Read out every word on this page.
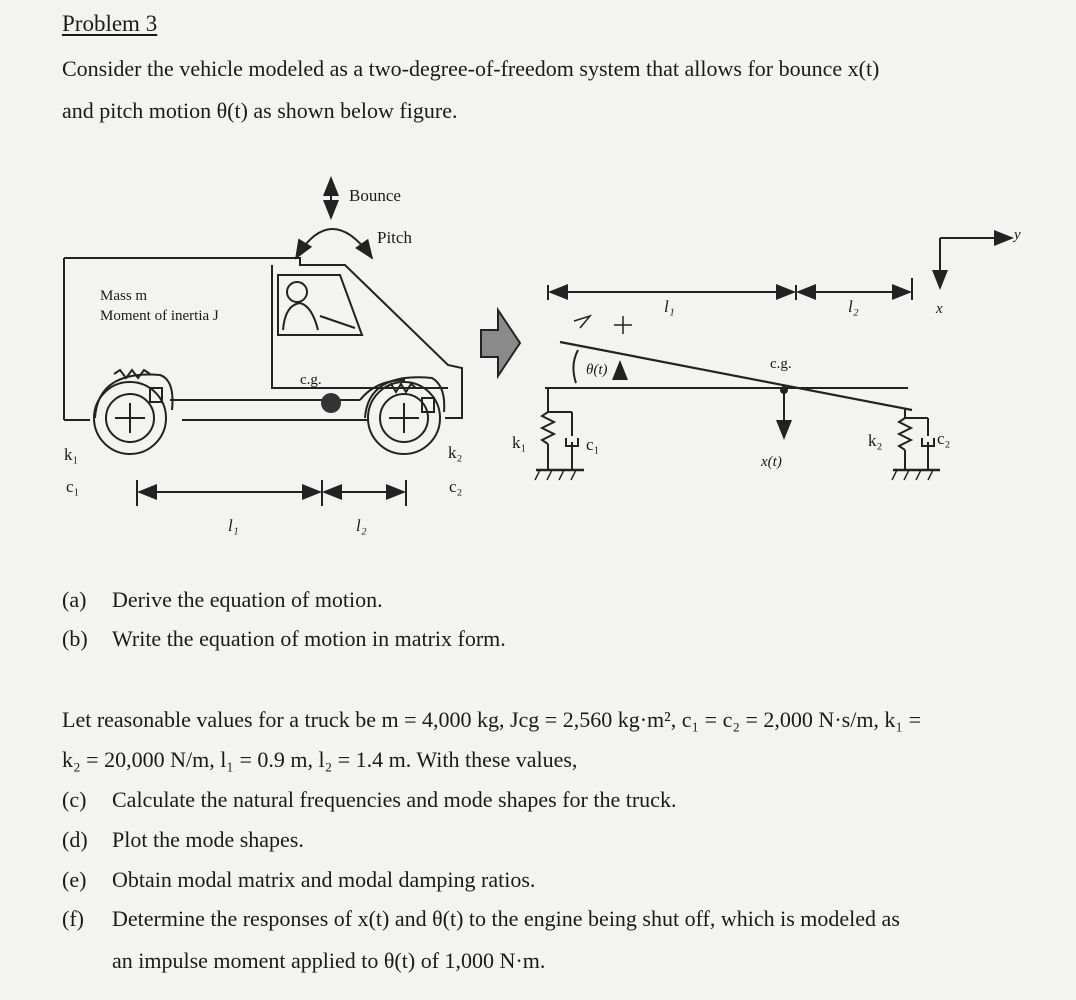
Problem 3
Consider the vehicle modeled as a two-degree-of-freedom system that allows for bounce x(t)
and pitch motion θ(t) as shown below figure.
Bounce
Pitch
Mass m
Moment of inertia J
c.g.
k₁
c₁
k₂
c₂
l₁	l₂
l₁	l₂	x
y
θ(t)	c.g.
x(t)
k₁	c₁	k₂	c₂
(a) Derive the equation of motion.
(b) Write the equation of motion in matrix form.
Let reasonable values for a truck be m = 4,000 kg, Jcg = 2,560 kg·m², c₁ = c₂ = 2,000 N·s/m, k₁ =
k₂ = 20,000 N/m, l₁ = 0.9 m, l₂ = 1.4 m. With these values,
(c) Calculate the natural frequencies and mode shapes for the truck.
(d) Plot the mode shapes.
(e) Obtain modal matrix and modal damping ratios.
(f) Determine the responses of x(t) and θ(t) to the engine being shut off, which is modeled as
an impulse moment applied to θ(t) of 1,000 N·m.
